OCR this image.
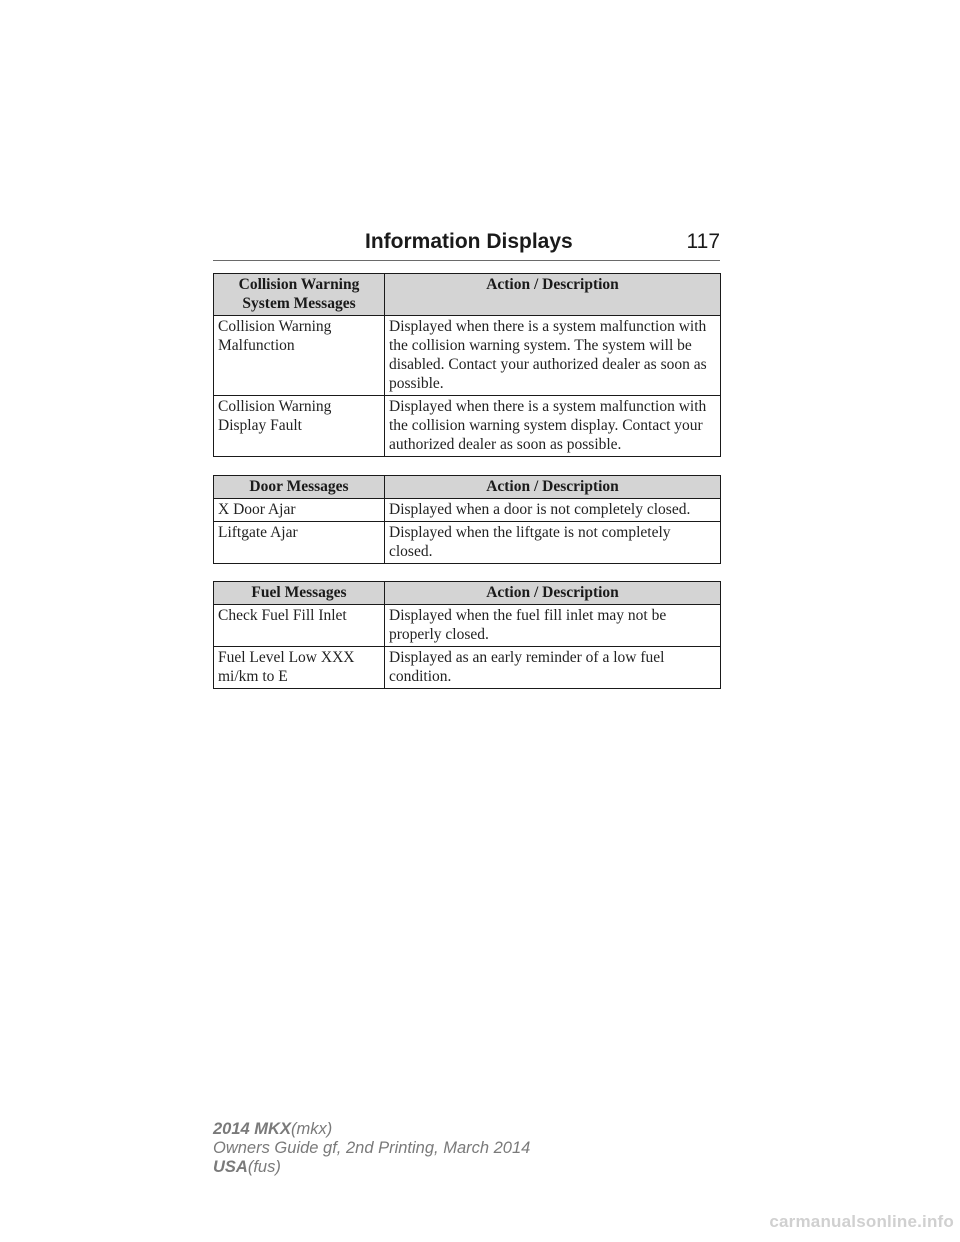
Information Displays	117
Collision Warning System Messages	Action / Description
Collision Warning Malfunction	Displayed when there is a system malfunction with the collision warning system. The system will be disabled. Contact your authorized dealer as soon as possible.
Collision Warning Display Fault	Displayed when there is a system malfunction with the collision warning system display. Contact your authorized dealer as soon as possible.
Door Messages	Action / Description
X Door Ajar	Displayed when a door is not completely closed.
Liftgate Ajar	Displayed when the liftgate is not completely closed.
Fuel Messages	Action / Description
Check Fuel Fill Inlet	Displayed when the fuel fill inlet may not be properly closed.
Fuel Level Low XXX mi/km to E	Displayed as an early reminder of a low fuel condition.
2014 MKX(mkx)
Owners Guide gf, 2nd Printing, March 2014
USA(fus)
carmanualsonline.info
